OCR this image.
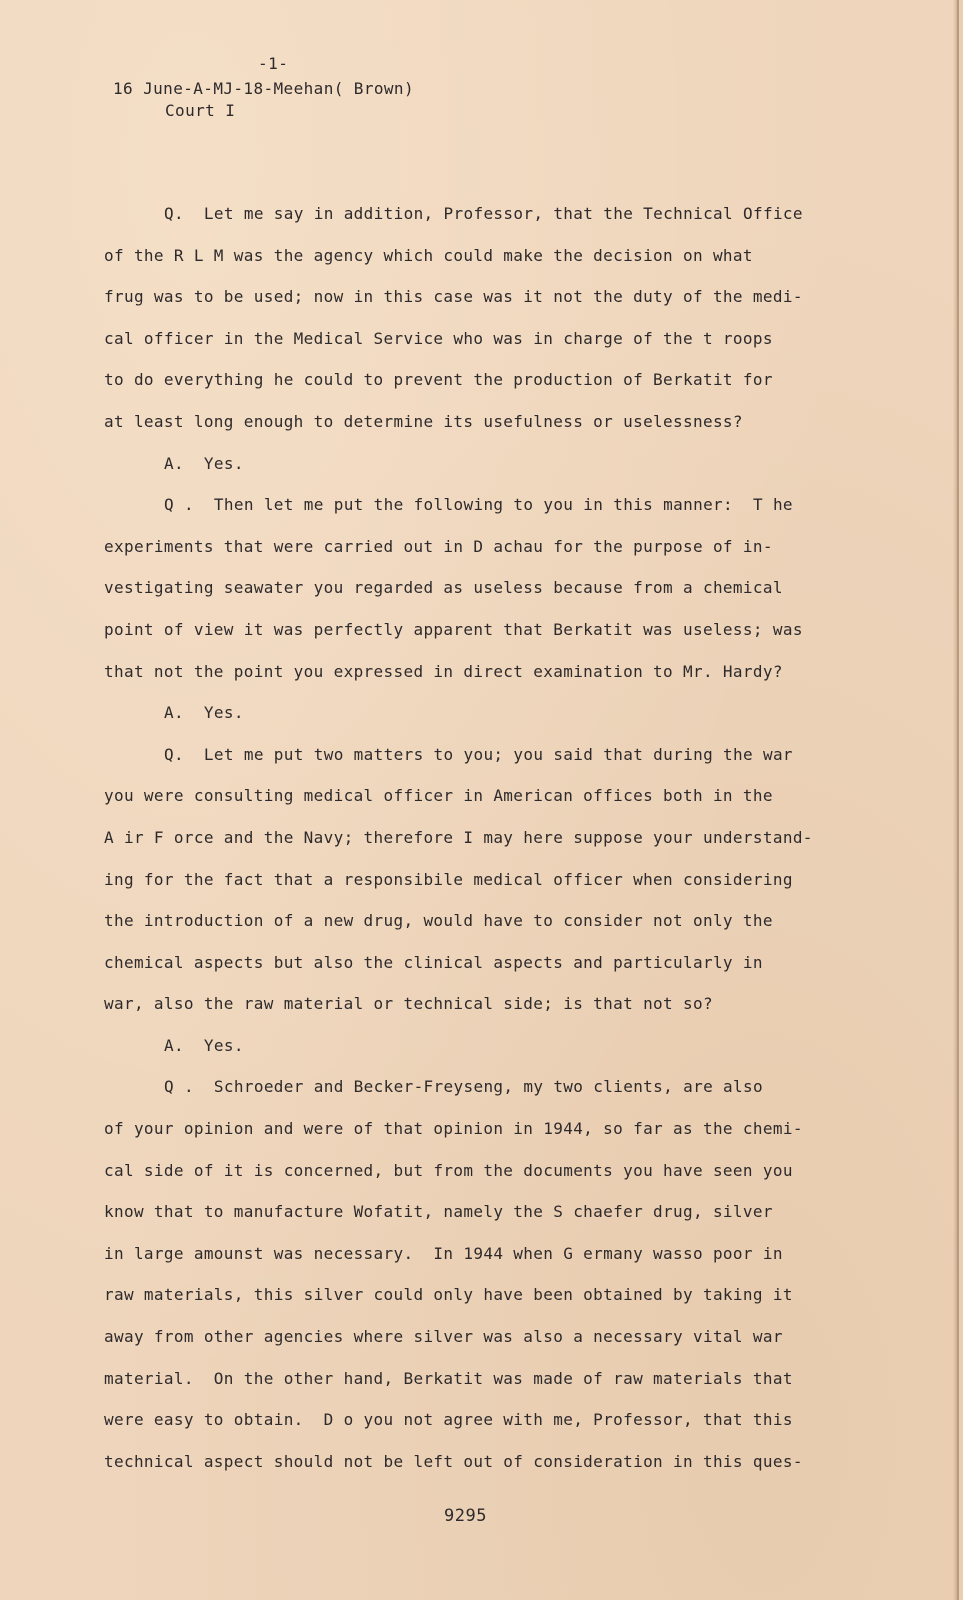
-1-
16 June-A-MJ-18-Meehan( Brown)
Court I
Q.  Let me say in addition, Professor, that the Technical Office
of the R L M was the agency which could make the decision on what
frug was to be used; now in this case was it not the duty of the medi-
cal officer in the Medical Service who was in charge of the t roops
to do everything he could to prevent the production of Berkatit for
at least long enough to determine its usefulness or uselessness?
A.  Yes.
Q .  Then let me put the following to you in this manner:  T he
experiments that were carried out in D achau for the purpose of in-
vestigating seawater you regarded as useless because from a chemical
point of view it was perfectly apparent that Berkatit was useless; was
that not the point you expressed in direct examination to Mr. Hardy?
A.  Yes.
Q.  Let me put two matters to you; you said that during the war
you were consulting medical officer in American offices both in the
A ir F orce and the Navy; therefore I may here suppose your understand-
ing for the fact that a responsibile medical officer when considering
the introduction of a new drug, would have to consider not only the
chemical aspects but also the clinical aspects and particularly in
war, also the raw material or technical side; is that not so?
A.  Yes.
Q .  Schroeder and Becker-Freyseng, my two clients, are also
of your opinion and were of that opinion in 1944, so far as the chemi-
cal side of it is concerned, but from the documents you have seen you
know that to manufacture Wofatit, namely the S chaefer drug, silver
in large amounst was necessary.  In 1944 when G ermany wasso poor in
raw materials, this silver could only have been obtained by taking it
away from other agencies where silver was also a necessary vital war
material.  On the other hand, Berkatit was made of raw materials that
were easy to obtain.  D o you not agree with me, Professor, that this
technical aspect should not be left out of consideration in this ques-
9295
